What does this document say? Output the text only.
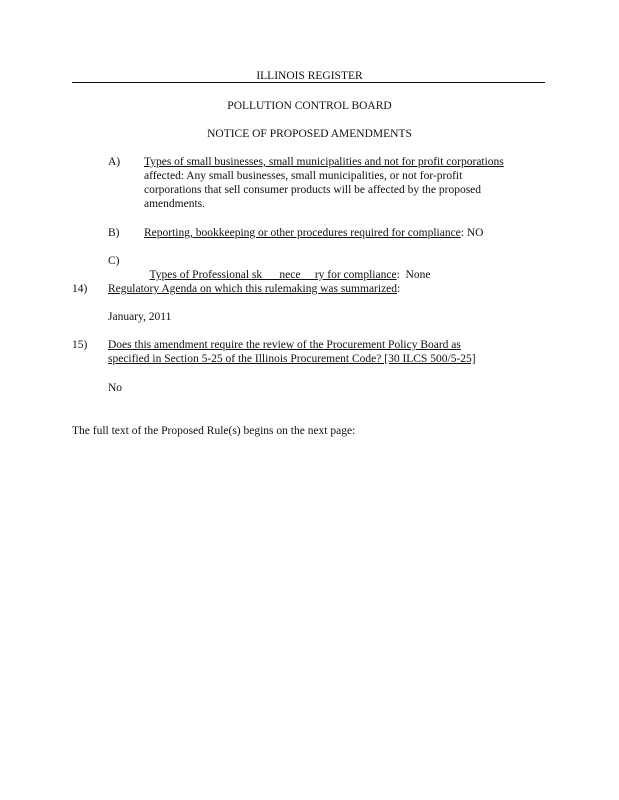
ILLINOIS REGISTER
POLLUTION CONTROL BOARD
NOTICE OF PROPOSED AMENDMENTS
A) Types of small businesses, small municipalities and not for profit corporations
affected: Any small businesses, small municipalities, or not for-profit
corporations that sell consumer products will be affected by the proposed
amendments.
B) Reporting, bookkeeping or other procedures required for compliance: NO
C)

Types of Professional sk      nece     ry for compliance:  None

14) Regulatory Agenda on which this rulemaking was summarized:
January, 2011
15) Does this amendment require the review of the Procurement Policy Board as
specified in Section 5-25 of the Illinois Procurement Code? [30 ILCS 500/5-25]
No
The full text of the Proposed Rule(s) begins on the next page:
